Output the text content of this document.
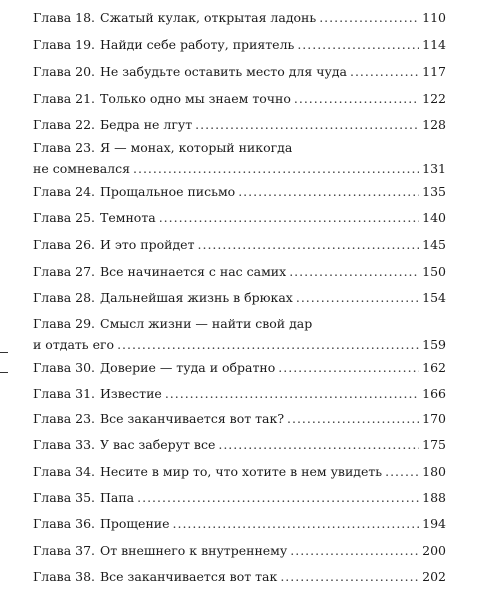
Глава 18. Сжатый кулак, открытая ладонь .....	110
Глава 19. Найди себе работу, приятель .....	114
Глава 20. Не забудьте оставить место для чуда .....	117
Глава 21. Только одно мы знаем точно .....	122
Глава 22. Бедра не лгут .....	128
Глава 23. Я — монах, который никогда
не сомневался .....	131
Глава 24. Прощальное письмо .....	135
Глава 25. Темнота .....	140
Глава 26. И это пройдет .....	145
Глава 27. Все начинается с нас самих .....	150
Глава 28. Дальнейшая жизнь в брюках .....	154
Глава 29. Смысл жизни — найти свой дар
и отдать его .....	159
Глава 30. Доверие — туда и обратно .....	162
Глава 31. Известие .....	166
Глава 23. Все заканчивается вот так? .....	170
Глава 33. У вас заберут все .....	175
Глава 34. Несите в мир то, что хотите в нем увидеть .....	180
Глава 35. Папа .....	188
Глава 36. Прощение .....	194
Глава 37. От внешнего к внутреннему .....	200
Глава 38. Все заканчивается вот так .....	202
